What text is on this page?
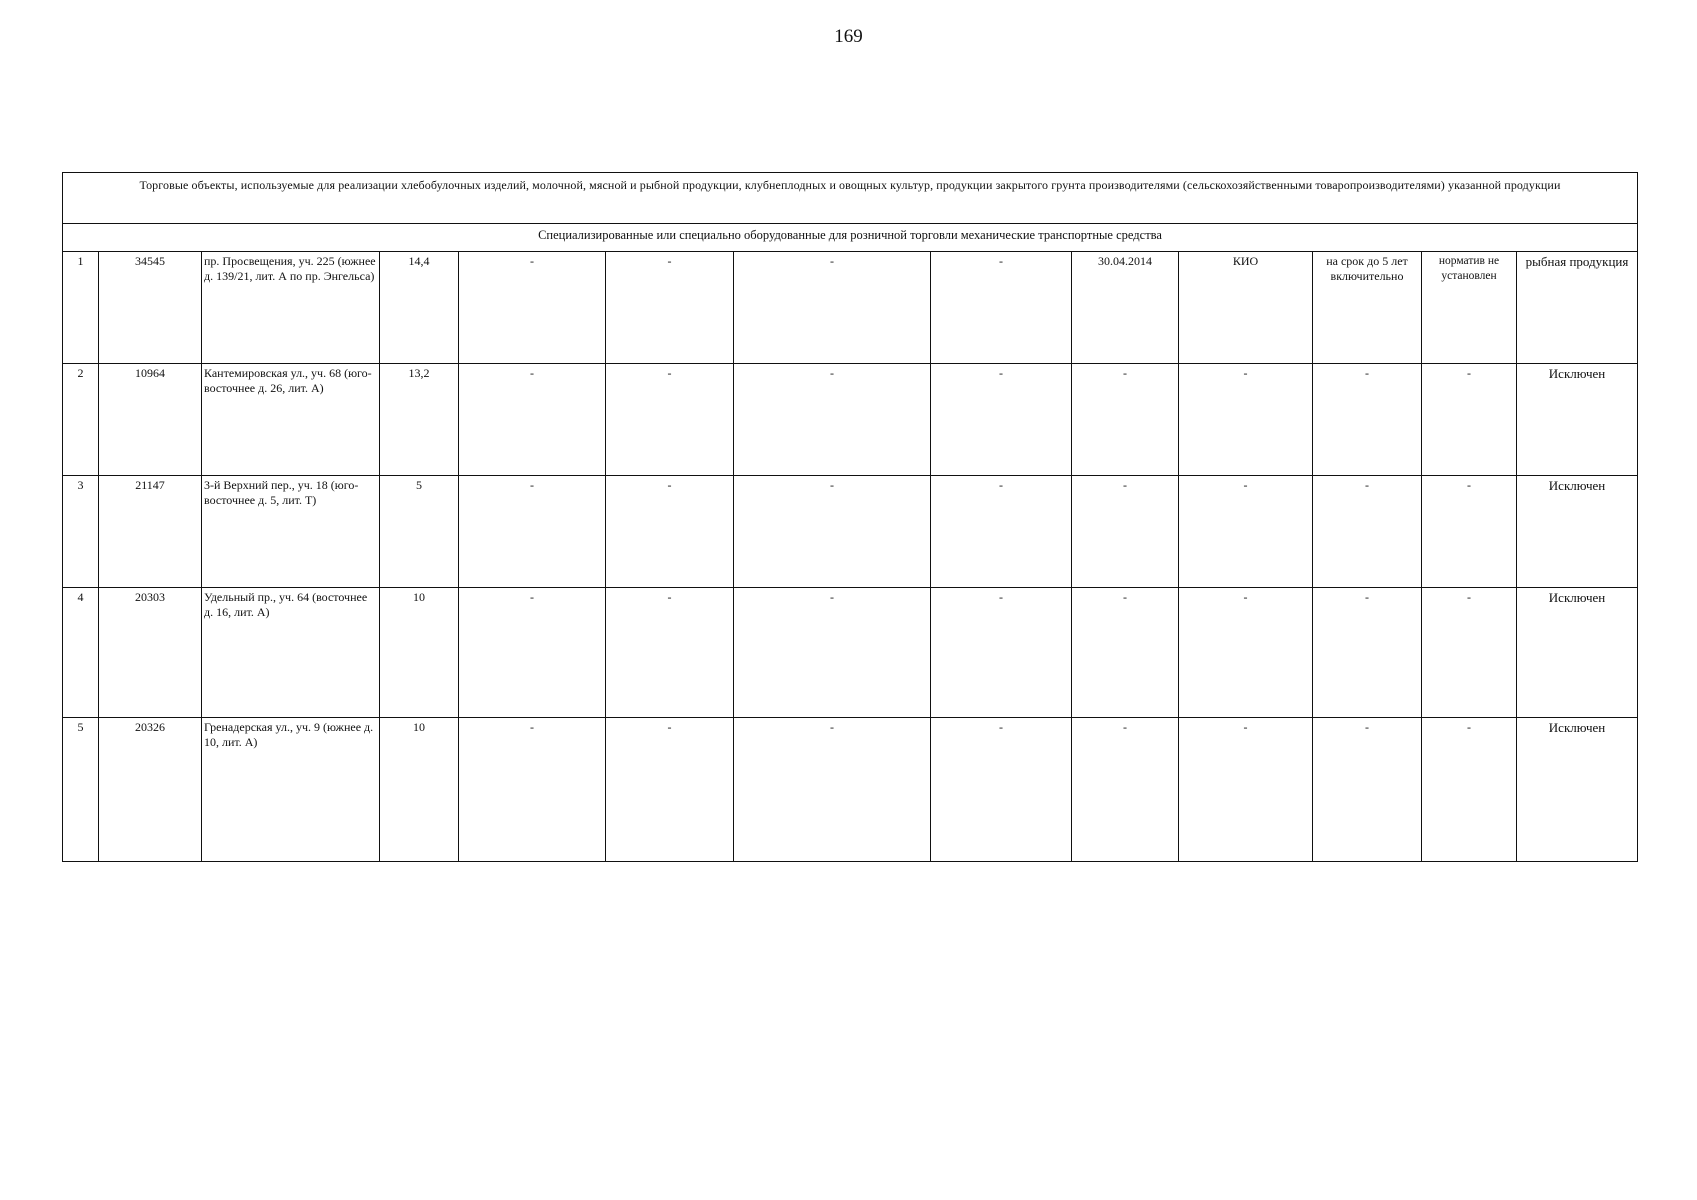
169
Торговые объекты, используемые для реализации хлебобулочных изделий, молочной, мясной и рыбной продукции, клубнеплодных и овощных культур, продукции закрытого грунта производителями (сельскохозяйственными товаропроизводителями) указанной продукции												
Специализированные или специально оборудованные для розничной торговли механические транспортные средства												
1	34545	пр. Просвещения, уч. 225 (южнее д. 139/21, лит. А по пр. Энгельса)	14,4	-	-	-	-	30.04.2014	КИО	на срок до 5 лет включительно	норматив не установлен	рыбная продукция
2	10964	Кантемировская ул., уч. 68 (юго-восточнее д. 26, лит. А)	13,2	-	-	-	-	-	-	-	-	Исключен
3	21147	3-й Верхний пер., уч. 18 (юго-восточнее д. 5, лит. Т)	5	-	-	-	-	-	-	-	-	Исключен
4	20303	Удельный пр., уч. 64 (восточнее д. 16, лит. А)	10	-	-	-	-	-	-	-	-	Исключен
5	20326	Гренадерская ул., уч. 9 (южнее д. 10, лит. А)	10	-	-	-	-	-	-	-	-	Исключен
